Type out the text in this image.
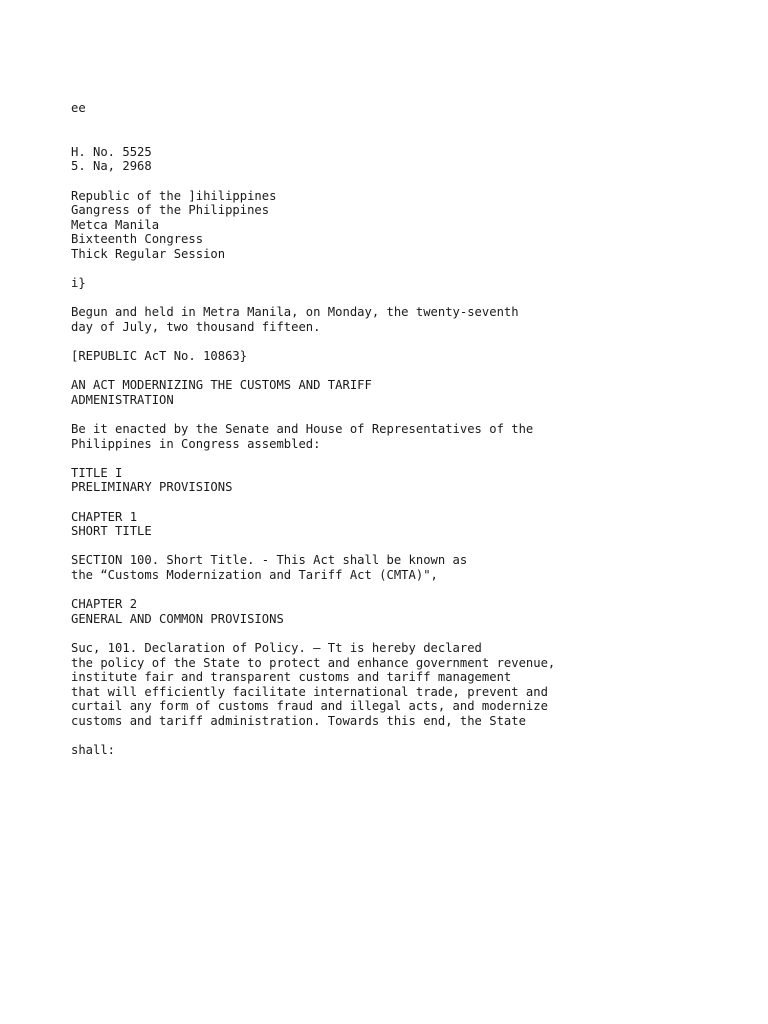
ee
H. No. 5525
5. Na, 2968
Republic of the ]ihilippines
Gangress of the Philippines
Metca Manila
Bixteenth Congress
Thick Regular Session
i}
Begun and held in Metra Manila, on Monday, the twenty-seventh
day of July, two thousand fifteen.
[REPUBLIC AcT No. 10863}
AN ACT MODERNIZING THE CUSTOMS AND TARIFF
ADMENISTRATION
Be it enacted by the Senate and House of Representatives of the
Philippines in Congress assembled:
TITLE I
PRELIMINARY PROVISIONS
CHAPTER 1
SHORT TITLE
SECTION 100. Short Title. - This Act shall be known as
the “Customs Modernization and Tariff Act (CMTA)",
CHAPTER 2
GENERAL AND COMMON PROVISIONS
Suc, 101. Declaration of Policy. — Tt is hereby declared
the policy of the State to protect and enhance government revenue,
institute fair and transparent customs and tariff management
that will efficiently facilitate international trade, prevent and
curtail any form of customs fraud and illegal acts, and modernize
customs and tariff administration. Towards this end, the State
shall:
